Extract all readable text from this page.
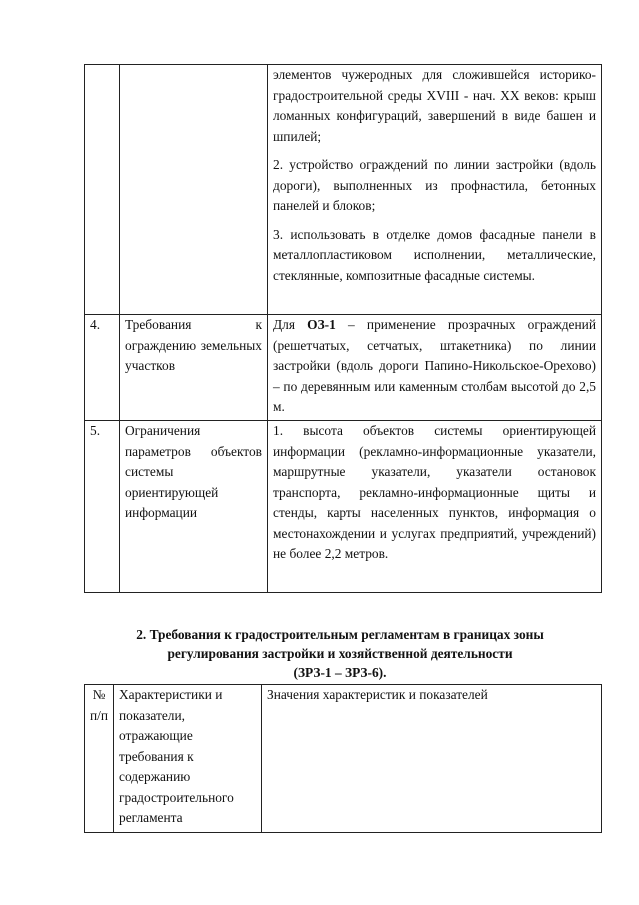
		элементов чужеродных для сложившейся историко-градостроительной среды XVIII - нач. XX веков: крыш ломанных конфигураций, завершений в виде башен и шпилей;

2. устройство ограждений по линии застройки (вдоль дороги), выполненных из профнастила, бетонных панелей и блоков;

3. использовать в отделке домов фасадные панели в металлопластиковом исполнении, металлические, стеклянные, композитные фасадные системы.

4.	Требования к ограждению земельных участков	Для ОЗ-1 – применение прозрачных ограждений (решетчатых, сетчатых, штакетника) по линии застройки (вдоль дороги Папино-Никольское-Орехово) – по деревянным или каменным столбам высотой до 2,5 м.
5.	Ограничения параметров объектов системы ориентирующей информации	1. высота объектов системы ориентирующей информации (рекламно-информационные указатели, маршрутные указатели, указатели остановок транспорта, рекламно-информационные щиты и стенды, карты населенных пунктов, информация о местонахождении и услугах предприятий, учреждений) не более 2,2 метров.
2. Требования к градостроительным регламентам в границах зоны
регулирования застройки и хозяйственной деятельности
(ЗРЗ-1 – ЗРЗ-6).
№ п/п	Характеристики и показатели, отражающие требования к содержанию градостроительного регламента	Значения характеристик и показателей
